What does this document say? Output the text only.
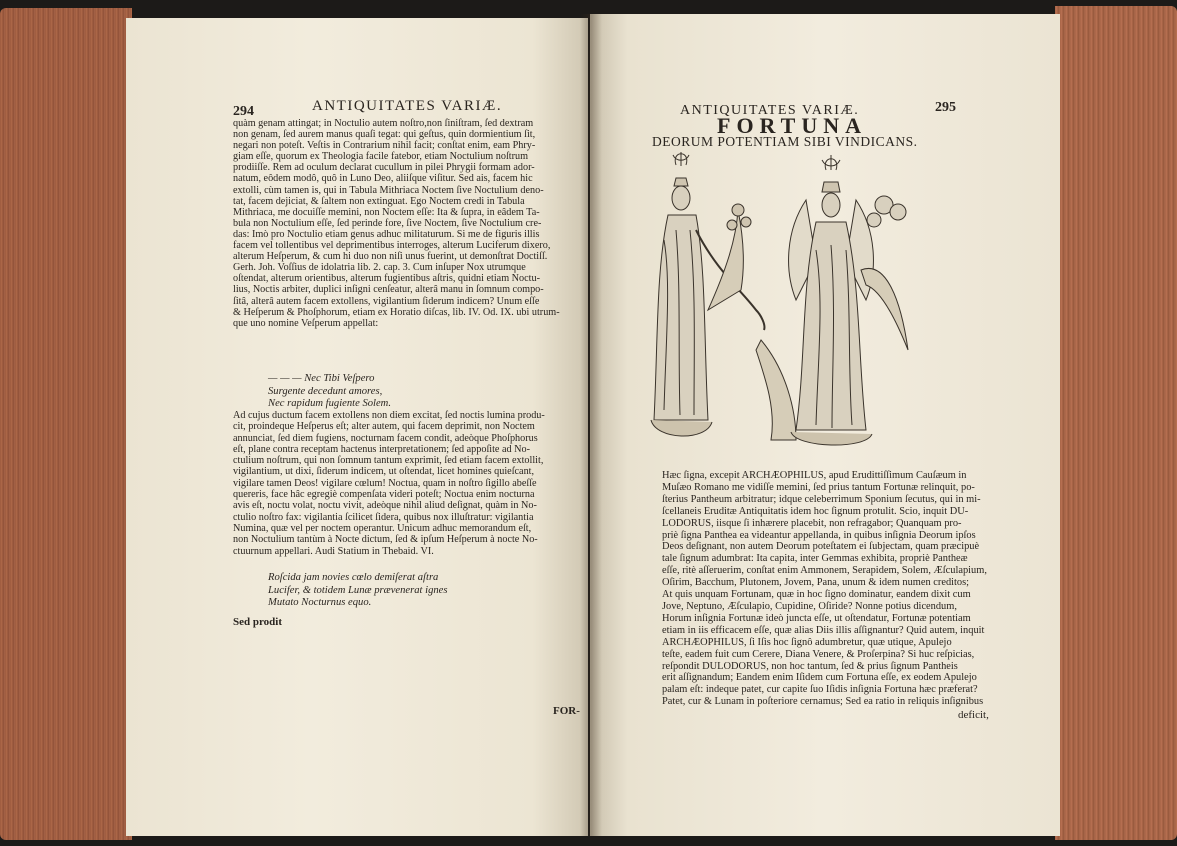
294	ANTIQUITATES VARIÆ.
quàm genam attingat; in Noctulio autem noſtro,non ſiniſtram, ſed dextram
non genam, ſed aurem manus quaſi tegat: qui geſtus, quin dormientium ſit,
negari non poteſt. Veſtis in Contrarium nihil facit; conſtat enim, eam Phry-
giam eſſe, quorum ex Theologia facile fatebor, etiam Noctulium noſtrum
prodiiſſe. Rem ad oculum declarat cucullum in pilei Phrygii formam ador-
natum, eôdem modô, quô in Luno Deo, aliiſque viſitur. Sed ais, facem hic
extolli, cùm tamen is, qui in Tabula Mithriaca Noctem ſive Noctulium deno-
tat, facem dejiciat, & ſaltem non extinguat. Ego Noctem credi in Tabula
Mithriaca, me docuiſſe memini, non Noctem eſſe: Ita & ſupra, in eâdem Ta-
bula non Noctulium eſſe, ſed perinde fore, ſive Noctem, ſive Noctulium cre-
das: Imò pro Noctulio etiam genus adhuc militaturum. Si me de figuris illis
facem vel tollentibus vel deprimentibus interroges, alterum Luciferum dixero,
alterum Heſperum, & cum hi duo non niſi unus fuerint, ut demonſtrat Doctiſſ.
Gerh. Joh. Voſſius de idolatria lib. 2. cap. 3. Cum inſuper Nox utrumque
oſtendat, alterum orientibus, alterum fugientibus aſtris, quidni etiam Noctu-
lius, Noctis arbiter, duplici inſigni cenſeatur, alterâ manu in ſomnum compo-
ſitâ, alterâ autem facem extollens, vigilantium ſiderum indicem? Unum eſſe
& Heſperum & Phoſphorum, etiam ex Horatio diſcas, lib. IV. Od. IX. ubi utrum-
que uno nomine Veſperum appellat:
— — — Nec Tibi Veſpero
Surgente decedunt amores,
Nec rapidum fugiente Solem.
Ad cujus ductum facem extollens non diem excitat, ſed noctis lumina produ-
cit, proindeque Heſperus eſt; alter autem, qui facem deprimit, non Noctem
annunciat, ſed diem fugiens, nocturnam facem condit, adeòque Phoſphorus
eſt, plane contra receptam hactenus interpretationem; ſed appoſite ad No-
ctulium noſtrum, qui non ſomnum tantum exprimit, ſed etiam facem extollit,
vigilantium, ut dixi, ſiderum indicem, ut oſtendat, licet homines quieſcant,
vigilare tamen Deos! vigilare cœlum! Noctua, quam in noſtro ſigillo abeſſe
quereris, face hâc egregiè compenſata videri poteſt; Noctua enim nocturna
avis eſt, noctu volat, noctu vivit, adeòque nihil aliud deſignat, quàm in No-
ctulio noſtro fax: vigilantia ſcilicet ſidera, quibus nox illuſtratur: vigilantia
Numina, quæ vel per noctem operantur. Unicum adhuc memorandum eſt,
non Noctulium tantùm à Nocte dictum, ſed & ipſum Heſperum à nocte No-
ctuurnum appellari. Audi Statium in Thebaid. VI.
Roſcida jam novies cœlo demiſerat aſtra
Lucifer, & totidem Lunæ prævenerat ignes
Mutato Nocturnus equo.
Sed prodit
FOR-
ANTIQUITATES VARIÆ.	295
FORTUNA
DEORUM POTENTIAM SIBI VINDICANS.
Hæc ſigna, excepit ARCHÆOPHILUS, apud Erudittiſſimum Cauſæum in
Muſæo Romano me vidiſſe memini, ſed prius tantum Fortunæ relinquit, po-
ſterius Pantheum arbitratur; idque celeberrimum Sponium ſecutus, qui in mi-
ſcellaneis Eruditæ Antiquitatis idem hoc ſignum protulit. Scio, inquit DU-
LODORUS, iisque ſi inhærere placebit, non refragabor; Quanquam pro-
priè ſigna Panthea ea videantur appellanda, in quibus inſignia Deorum ipſos
Deos deſignant, non autem Deorum poteſtatem ei ſubjectam, quam præcipuè
tale ſignum adumbrat: Ita capita, inter Gemmas exhibita, propriè Pantheæ
eſſe, ritè aſſeruerim, conſtat enim Ammonem, Serapidem, Solem, Æſculapium,
Oſirim, Bacchum, Plutonem, Jovem, Pana, unum & idem numen creditos;
At quis unquam Fortunam, quæ in hoc ſigno dominatur, eandem dixit cum
Jove, Neptuno, Æſculapio, Cupidine, Oſiride? Nonne potius dicendum,
Horum inſignia Fortunæ ideò juncta eſſe, ut oſtendatur, Fortunæ potentiam
etiam in iis efficacem eſſe, quæ alias Diis illis aſſignantur? Quid autem, inquit
ARCHÆOPHILUS, ſi Iſis hoc ſignô adumbretur, quæ utique, Apulejo
teſte, eadem fuit cum Cerere, Diana Venere, & Proſerpina? Si huc reſpicias,
reſpondit DULODORUS, non hoc tantum, ſed & prius ſignum Pantheis
erit aſſignandum; Eandem enim Iſidem cum Fortuna eſſe, ex eodem Apulejo
palam eſt: indeque patet, cur capite ſuo Iſidis inſignia Fortuna hæc præferat?
Patet, cur & Lunam in poſteriore cernamus; Sed ea ratio in reliquis inſignibus
deficit,
